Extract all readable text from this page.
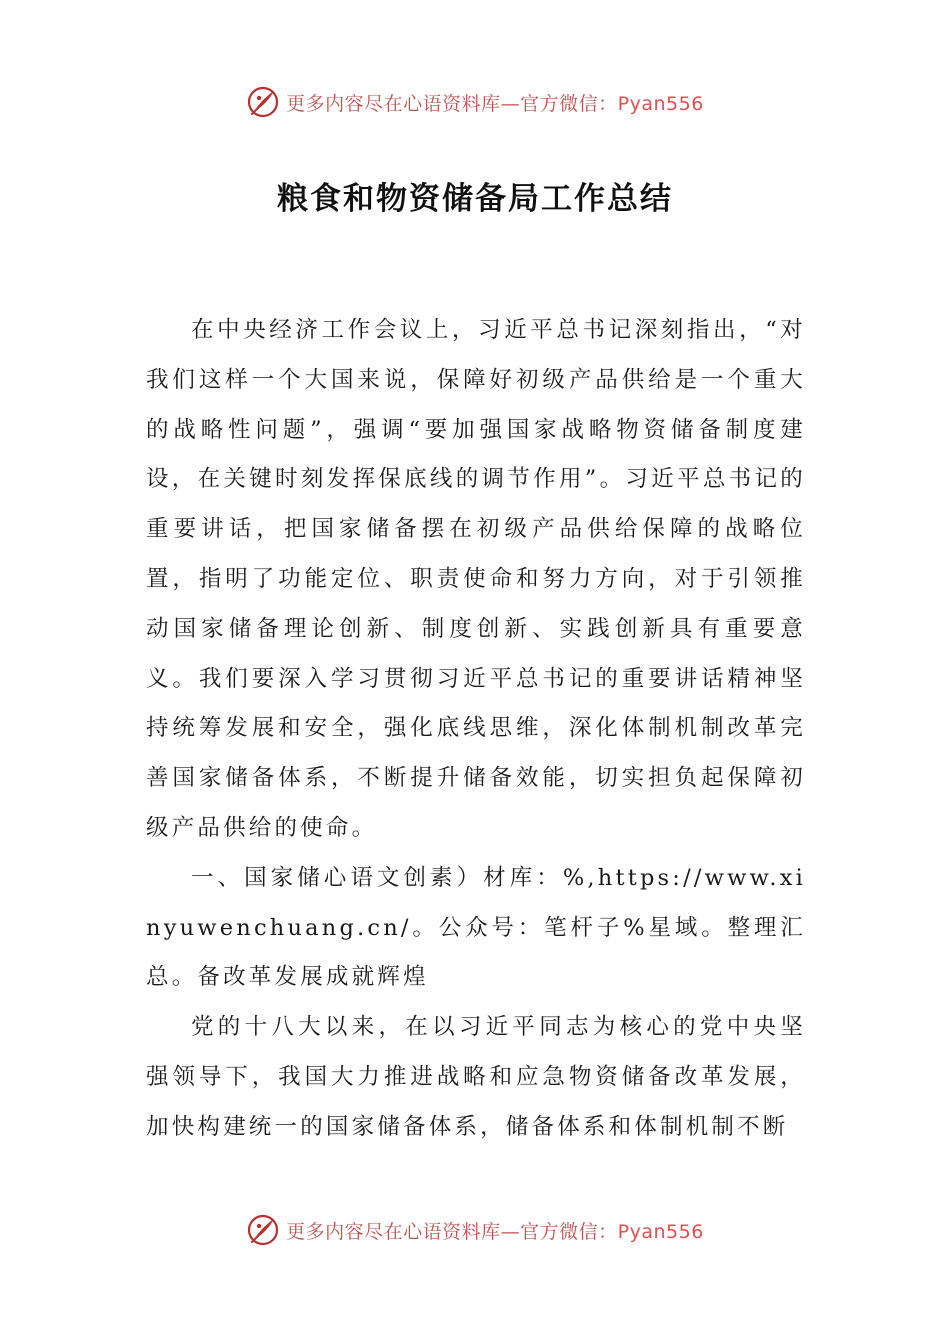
更多内容尽在心语资料库—官方微信：Pyan556
粮食和物资储备局工作总结

在中央经济工作会议上，习近平总书记深刻指出，“对我们这样一个大国来说，保障好初级产品供给是一个重大的战略性问题”，强调“要加强国家战略物资储备制度建设，在关键时刻发挥保底线的调节作用”。习近平总书记的重要讲话，把国家储备摆在初级产品供给保障的战略位置，指明了功能定位、职责使命和努力方向，对于引领推动国家储备理论创新、制度创新、实践创新具有重要意义。我们要深入学习贯彻习近平总书记的重要讲话精神坚持统筹发展和安全，强化底线思维，深化体制机制改革完善国家储备体系，不断提升储备效能，切实担负起保障初级产品供给的使命。

一、国家储心语文创素）材库：%,https://www.xinyuwenchuang.cn/。公众号：笔杆子%星域。整理汇总。备改革发展成就辉煌

党的十八大以来，在以习近平同志为核心的党中央坚强领导下，我国大力推进战略和应急物资储备改革发展，加快构建统一的国家储备体系，储备体系和体制机制不断

更多内容尽在心语资料库—官方微信：Pyan556
